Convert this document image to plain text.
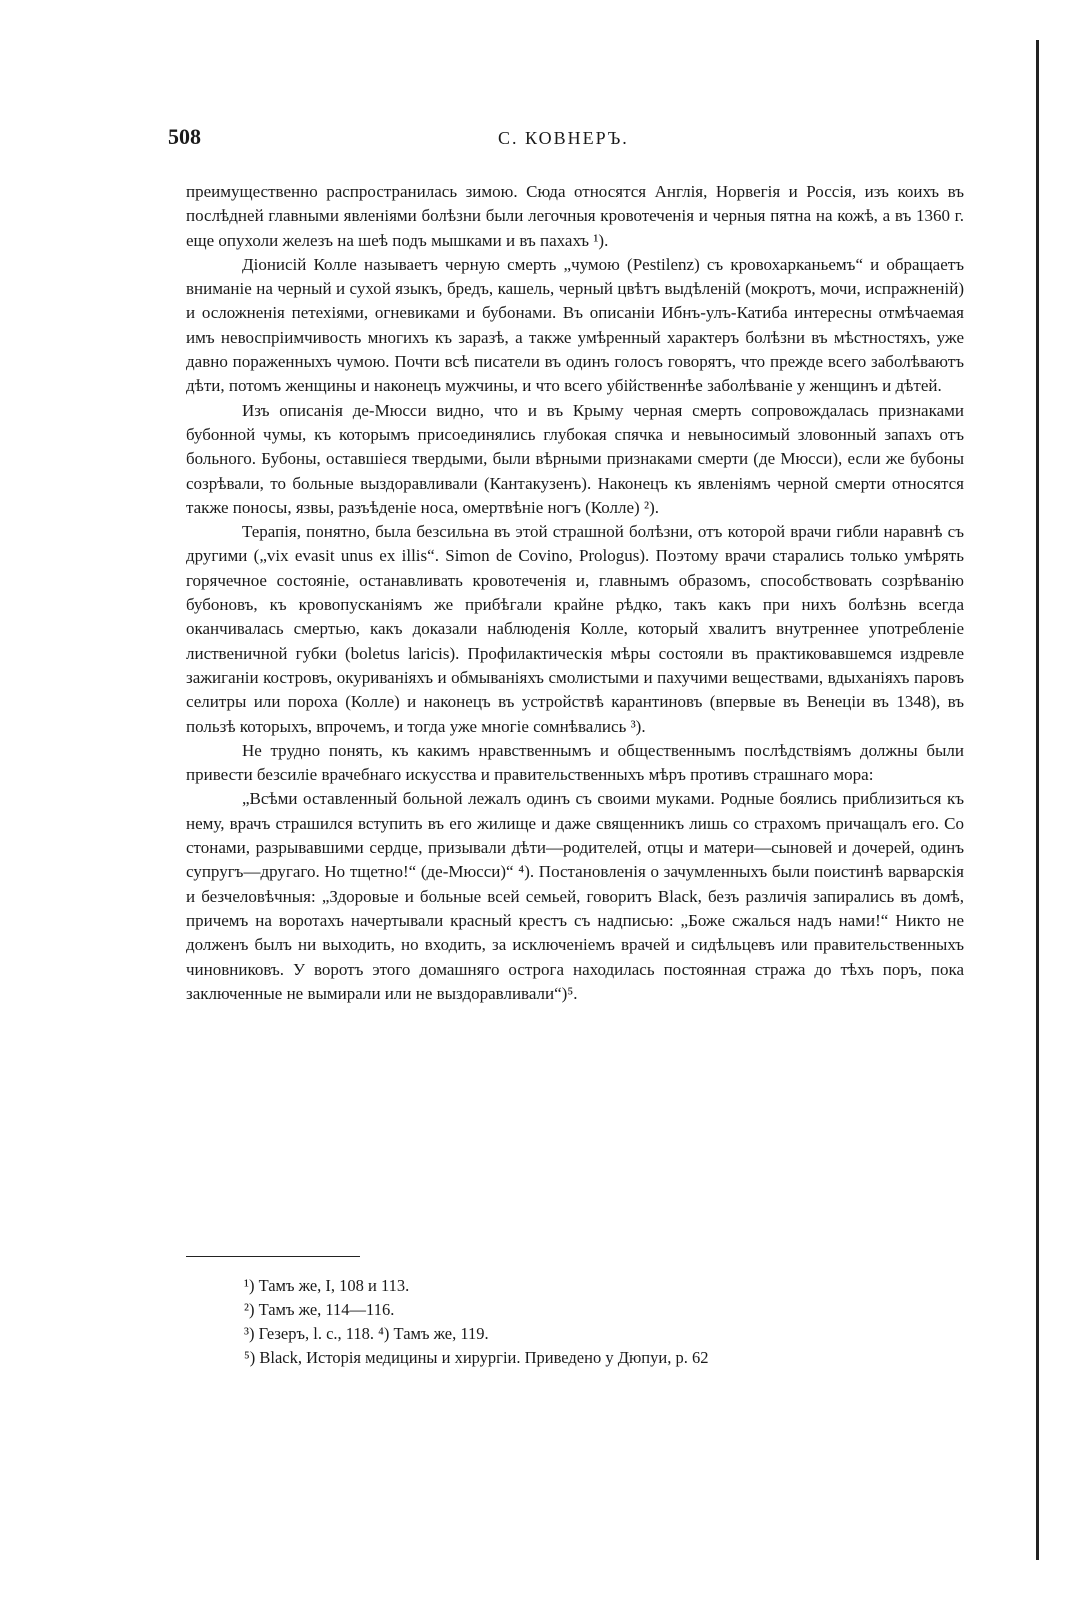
508	С. КОВНЕРЪ.

преимущественно распространилась зимою. Сюда относятся Англія, Норвегія и Россія, изъ коихъ въ послѣдней главными явленіями болѣзни были легочныя кровотеченія и черныя пятна на кожѣ, а въ 1360 г. еще опухоли железъ на шеѣ подъ мышками и въ пахахъ ¹).

Діонисій Колле называетъ черную смерть „чумою (Pestilenz) съ кровохарканьемъ“ и обращаетъ вниманіе на черный и сухой языкъ, бредъ, кашель, черный цвѣтъ выдѣленій (мокротъ, мочи, испражненій) и осложненія петехіями, огневиками и бубонами. Въ описаніи Ибнъ-улъ-Катиба интересны отмѣчаемая имъ невоспріимчивость многихъ къ заразѣ, а также умѣренный характеръ болѣзни въ мѣстностяхъ, уже давно пораженныхъ чумою. Почти всѣ писатели въ одинъ голосъ говорятъ, что прежде всего заболѣваютъ дѣти, потомъ женщины и наконецъ мужчины, и что всего убійственнѣе заболѣваніе у женщинъ и дѣтей.

Изъ описанія де-Мюсси видно, что и въ Крыму черная смерть сопровождалась признаками бубонной чумы, къ которымъ присоединялись глубокая спячка и невыносимый зловонный запахъ отъ больного. Бубоны, оставшіеся твердыми, были вѣрными признаками смерти (де Мюсси), если же бубоны созрѣвали, то больные выздоравливали (Кантакузенъ). Наконецъ къ явленіямъ черной смерти относятся также поносы, язвы, разъѣденіе носа, омертвѣніе ногъ (Колле) ²).

Терапія, понятно, была безсильна въ этой страшной болѣзни, отъ которой врачи гибли наравнѣ съ другими („vix evasit unus ex illis“. Simon de Covino, Prologus). Поэтому врачи старались только умѣрять горячечное состояніе, останавливать кровотеченія и, главнымъ образомъ, способствовать созрѣванію бубоновъ, къ кровопусканіямъ же прибѣгали крайне рѣдко, такъ какъ при нихъ болѣзнь всегда оканчивалась смертью, какъ доказали наблюденія Колле, который хвалитъ внутреннее употребленіе лиственичной губки (boletus laricis). Профилактическія мѣры состояли въ практиковавшемся издревле зажиганіи костровъ, окуриваніяхъ и обмываніяхъ смолистыми и пахучими веществами, вдыханіяхъ паровъ селитры или пороха (Колле) и наконецъ въ устройствѣ карантиновъ (впервые въ Венеціи въ 1348), въ пользѣ которыхъ, впрочемъ, и тогда уже многіе сомнѣвались ³).

Не трудно понять, къ какимъ нравственнымъ и общественнымъ послѣдствіямъ должны были привести безсиліе врачебнаго искусства и правительственныхъ мѣръ противъ страшнаго мора:

„Всѣми оставленный больной лежалъ одинъ съ своими муками. Родные боялись приблизиться къ нему, врачъ страшился вступить въ его жилище и даже священникъ лишь со страхомъ причащалъ его. Со стонами, разрывавшими сердце, призывали дѣти—родителей, отцы и матери—сыновей и дочерей, одинъ супругъ—другаго. Но тщетно!“ (де-Мюсси)“ ⁴). Постановленія о зачумленныхъ были поистинѣ варварскія и безчеловѣчныя: „Здоровые и больные всей семьей, говоритъ Black, безъ различія запирались въ домѣ, причемъ на воротахъ начертывали красный крестъ съ надписью: „Боже сжалься надъ нами!“ Никто не долженъ былъ ни выходить, но входить, за исключеніемъ врачей и сидѣльцевъ или правительственныхъ чиновниковъ. У воротъ этого домашняго острога находилась постоянная стража до тѣхъ поръ, пока заключенные не вымирали или не выздоравливали“)⁵.

¹) Тамъ же, I, 108 и 113.
²) Тамъ же, 114—116.
³) Гезеръ, l. c., 118. ⁴) Тамъ же, 119.
⁵) Black, Исторія медицины и хирургіи. Приведено у Дюпуи, р. 62
